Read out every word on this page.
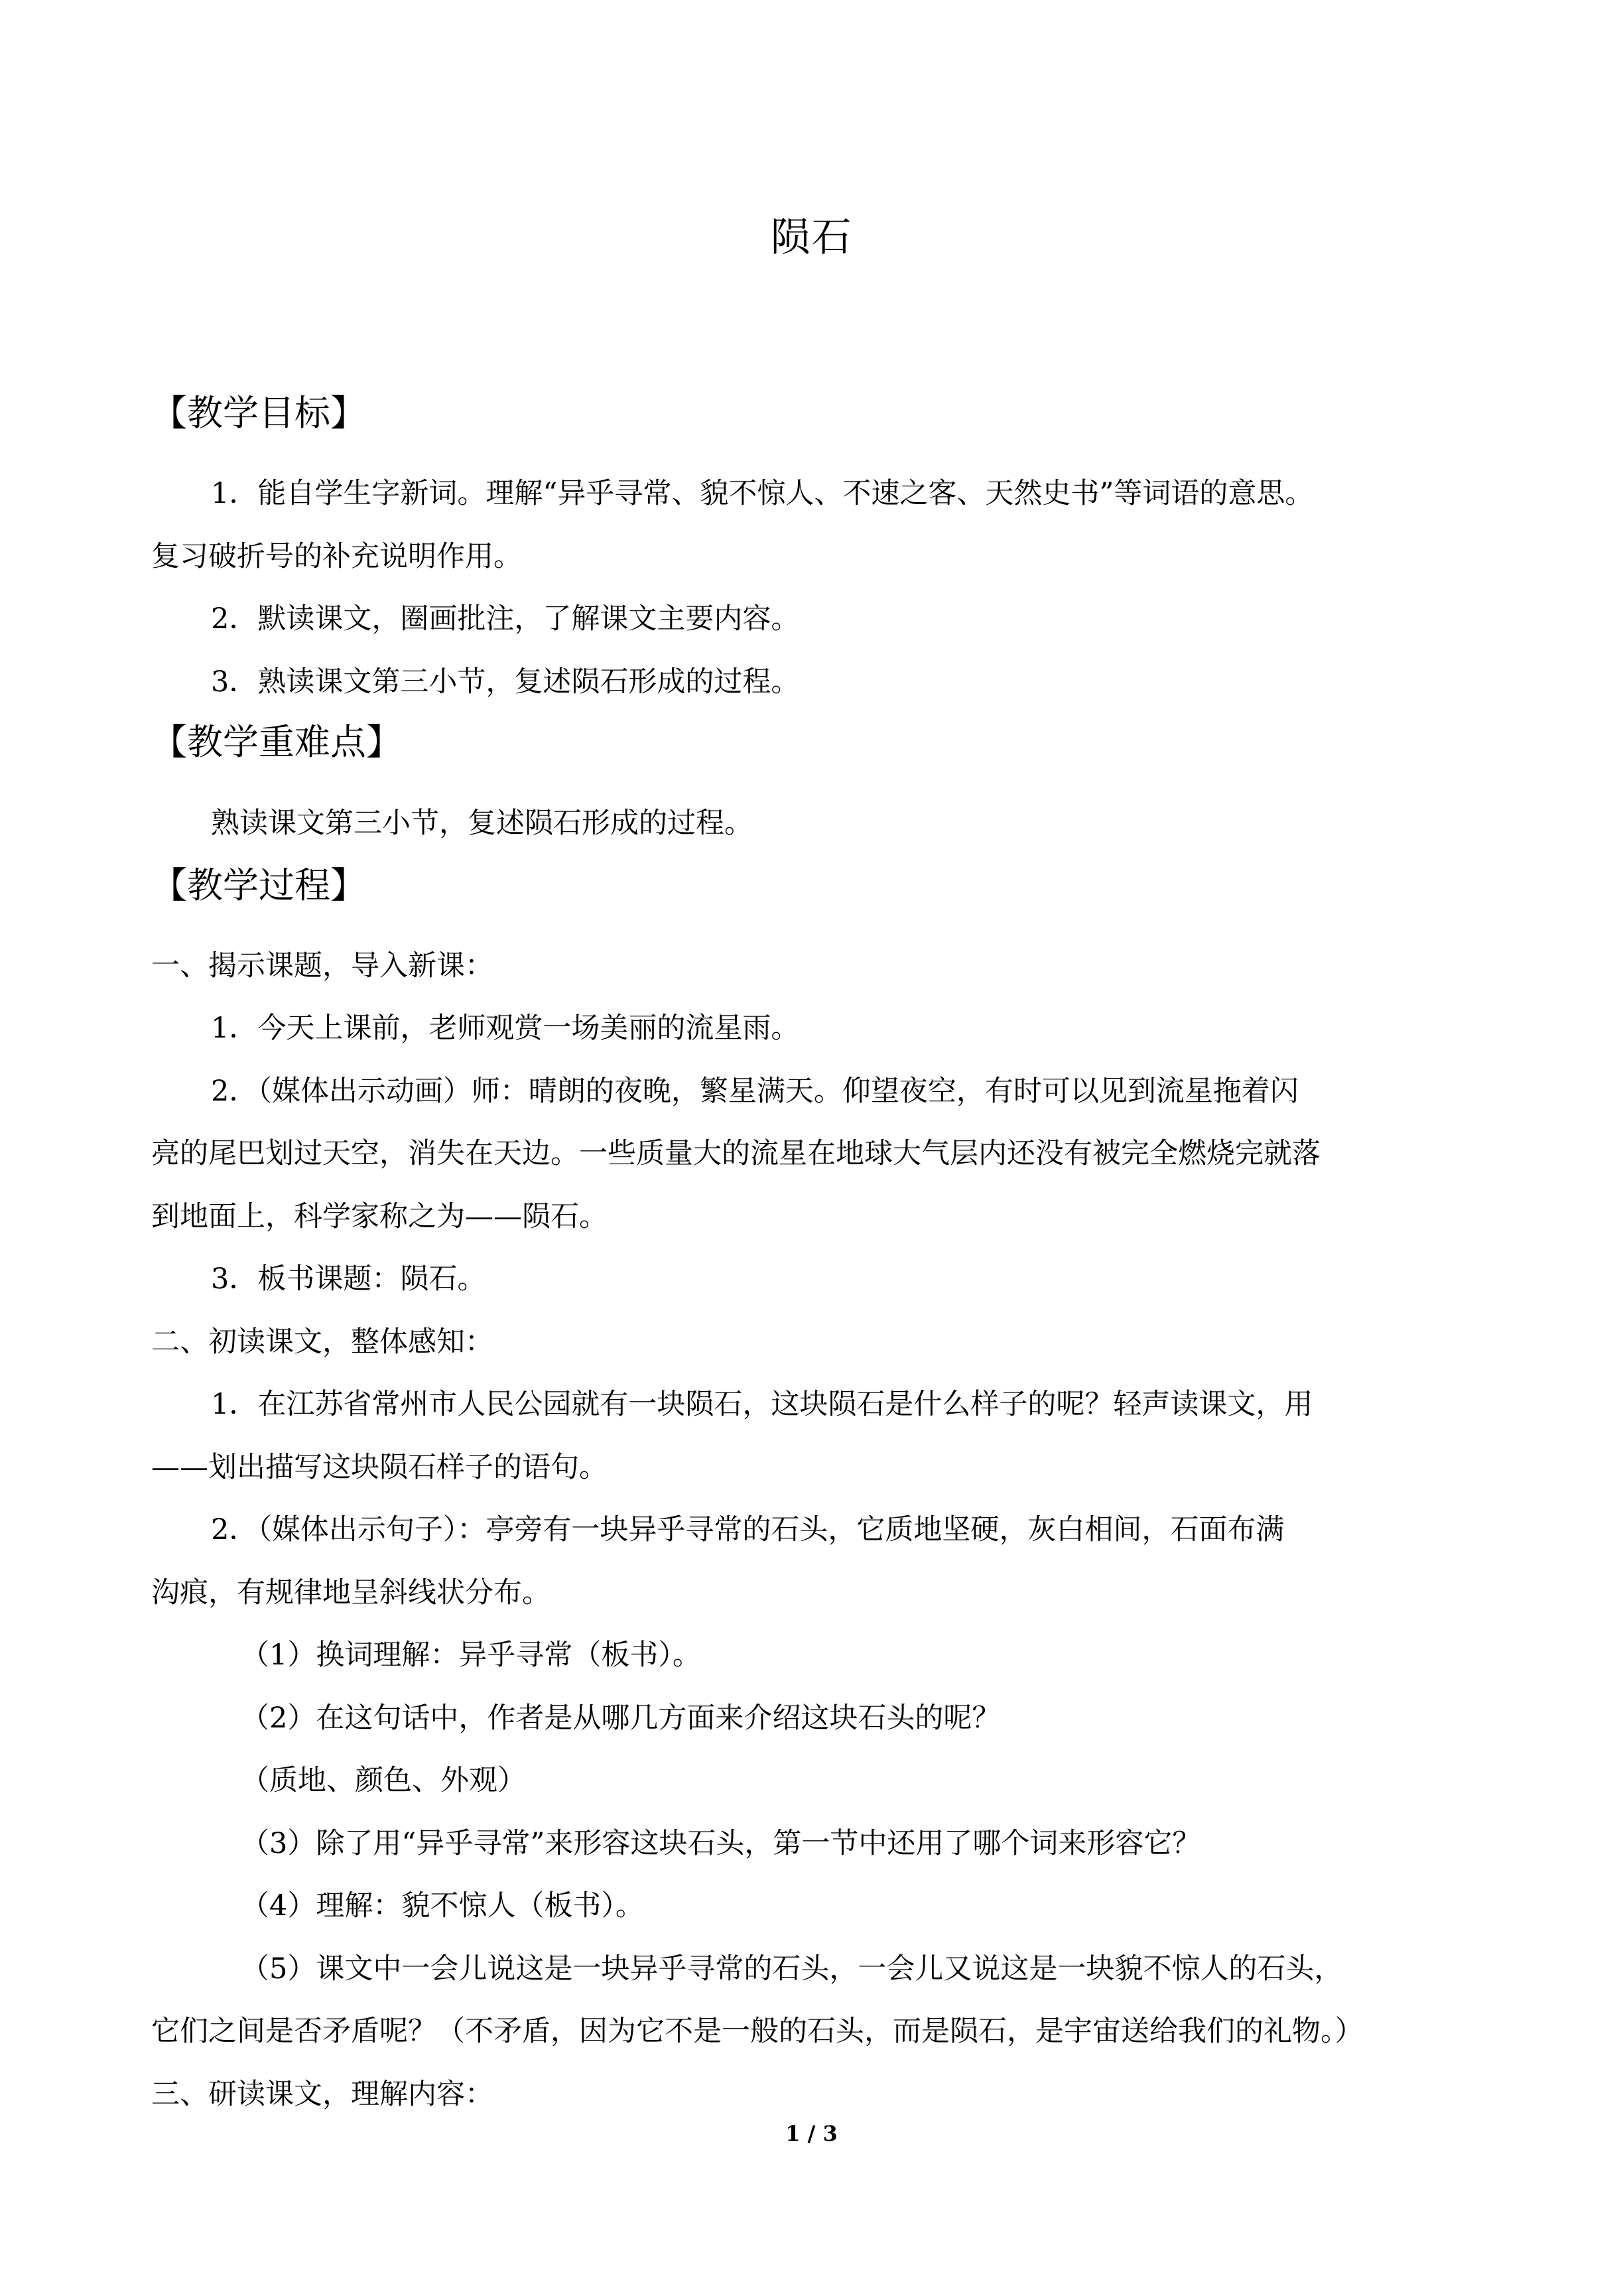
陨石
【教学目标】
1．能自学生字新词。理解“异乎寻常、貌不惊人、不速之客、天然史书”等词语的意思。
复习破折号的补充说明作用。
2．默读课文，圈画批注，了解课文主要内容。
3．熟读课文第三小节，复述陨石形成的过程。
【教学重难点】
熟读课文第三小节，复述陨石形成的过程。
【教学过程】
一、揭示课题，导入新课：
1．今天上课前，老师观赏一场美丽的流星雨。
2．（媒体出示动画）师：晴朗的夜晚，繁星满天。仰望夜空，有时可以见到流星拖着闪
亮的尾巴划过天空，消失在天边。一些质量大的流星在地球大气层内还没有被完全燃烧完就落
到地面上，科学家称之为——陨石。
3．板书课题：陨石。
二、初读课文，整体感知：
1．在江苏省常州市人民公园就有一块陨石，这块陨石是什么样子的呢？轻声读课文，用
——划出描写这块陨石样子的语句。
2．（媒体出示句子）：亭旁有一块异乎寻常的石头，它质地坚硬，灰白相间，石面布满
沟痕，有规律地呈斜线状分布。
（1）换词理解：异乎寻常（板书）。
（2）在这句话中，作者是从哪几方面来介绍这块石头的呢？
（质地、颜色、外观）
（3）除了用“异乎寻常”来形容这块石头，第一节中还用了哪个词来形容它？
（4）理解：貌不惊人（板书）。
（5）课文中一会儿说这是一块异乎寻常的石头，一会儿又说这是一块貌不惊人的石头，
它们之间是否矛盾呢？（不矛盾，因为它不是一般的石头，而是陨石，是宇宙送给我们的礼物。）
三、研读课文，理解内容：
1 / 3
